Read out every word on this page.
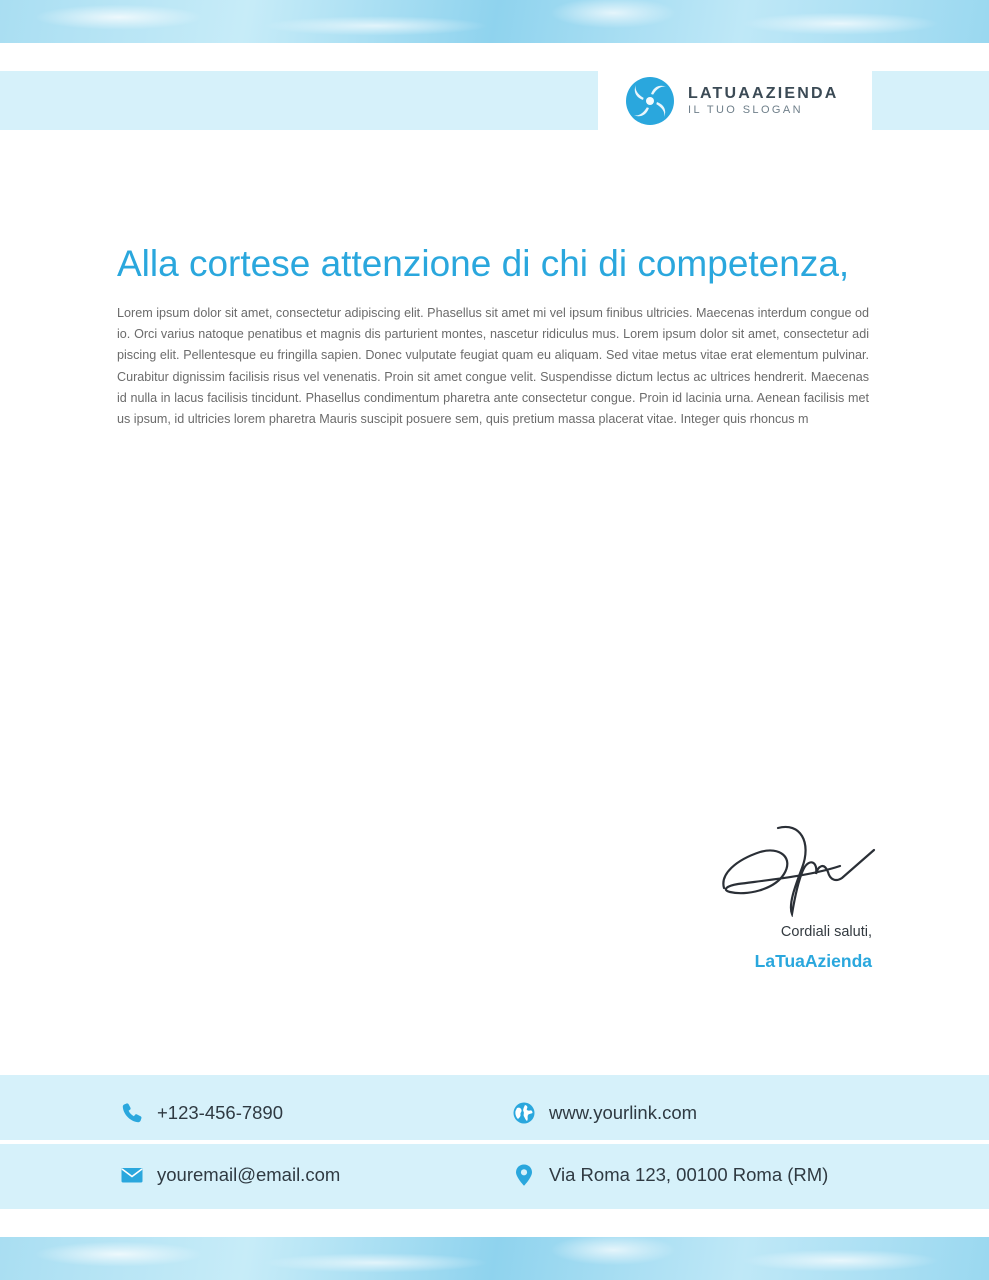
LATUAAZIENDA
IL TUO SLOGAN
Alla cortese attenzione di chi di competenza,
Lorem ipsum dolor sit amet, consectetur adipiscing elit. Phasellus sit amet mi vel ipsum finibus ultricies. Maecenas interdum congue odio. Orci varius natoque penatibus et magnis dis parturient montes, nascetur ridiculus mus. Lorem ipsum dolor sit amet, consectetur adipiscing elit. Pellentesque eu fringilla sapien. Donec vulputate feugiat quam eu aliquam. Sed vitae metus vitae erat elementum pulvinar. Curabitur dignissim facilisis risus vel venenatis. Proin sit amet congue velit. Suspendisse dictum lectus ac ultrices hendrerit. Maecenas id nulla in lacus facilisis tincidunt. Phasellus condimentum pharetra ante consectetur congue. Proin id lacinia urna. Aenean facilisis metus ipsum, id ultricies lorem pharetra Mauris suscipit posuere sem, quis pretium massa placerat vitae. Integer quis rhoncus m
Cordiali saluti,
LaTuaAzienda
+123-456-7890	www.yourlink.com
youremail@email.com	Via Roma 123, 00100 Roma (RM)
